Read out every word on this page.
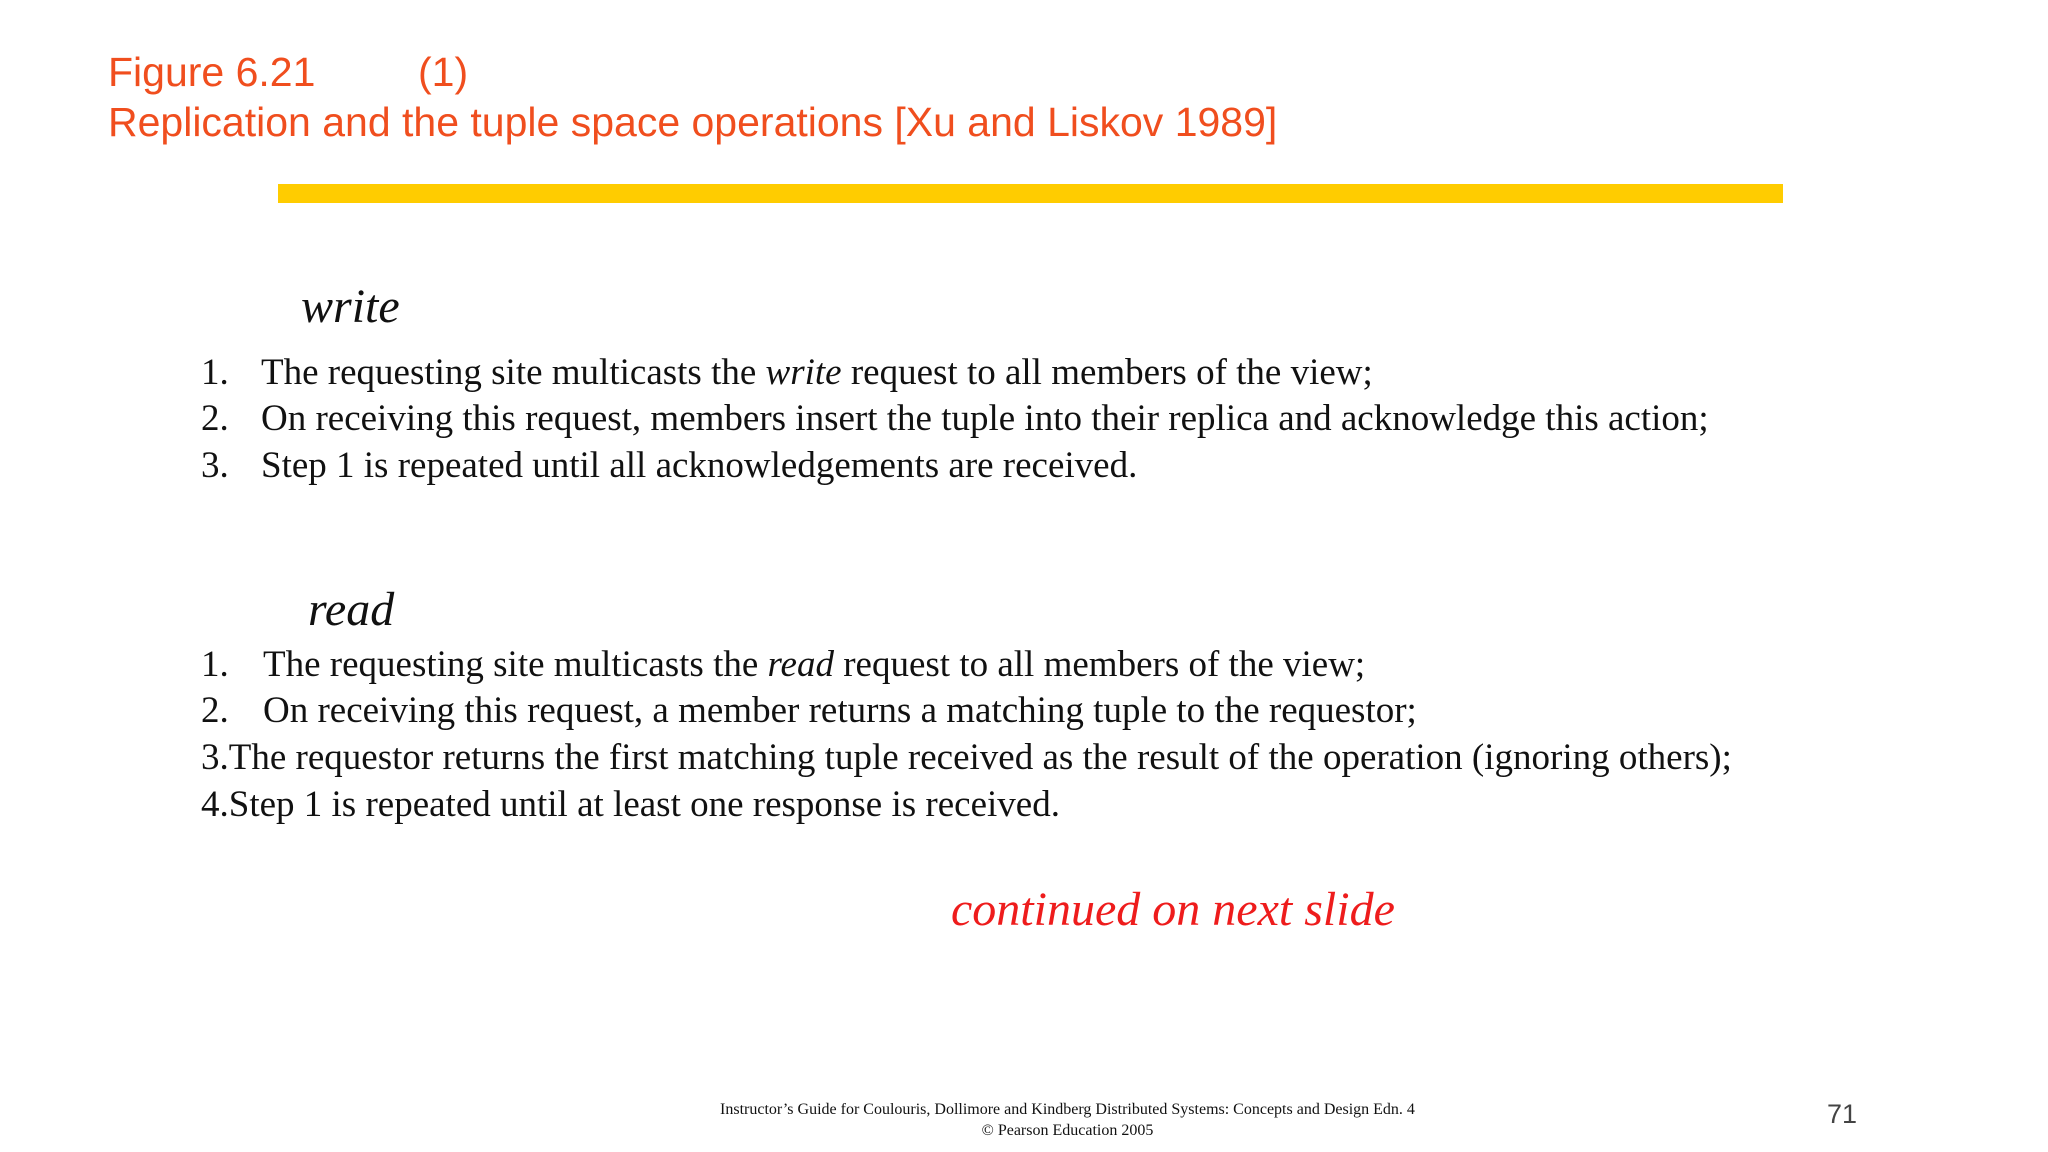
Figure 6.21	(1)
Replication and the tuple space operations [Xu and Liskov 1989]
write
1. The requesting site multicasts the write request to all members of the view;
2. On receiving this request, members insert the tuple into their replica and acknowledge this action;
3. Step 1 is repeated until all acknowledgements are received.
read
1. The requesting site multicasts the read request to all members of the view;
2. On receiving this request, a member returns a matching tuple to the requestor;
3.The requestor returns the first matching tuple received as the result of the operation (ignoring others);
4.Step 1 is repeated until at least one response is received.
continued on next slide
Instructor’s Guide for Coulouris, Dollimore and Kindberg Distributed Systems: Concepts and Design Edn. 4
© Pearson Education 2005
71
